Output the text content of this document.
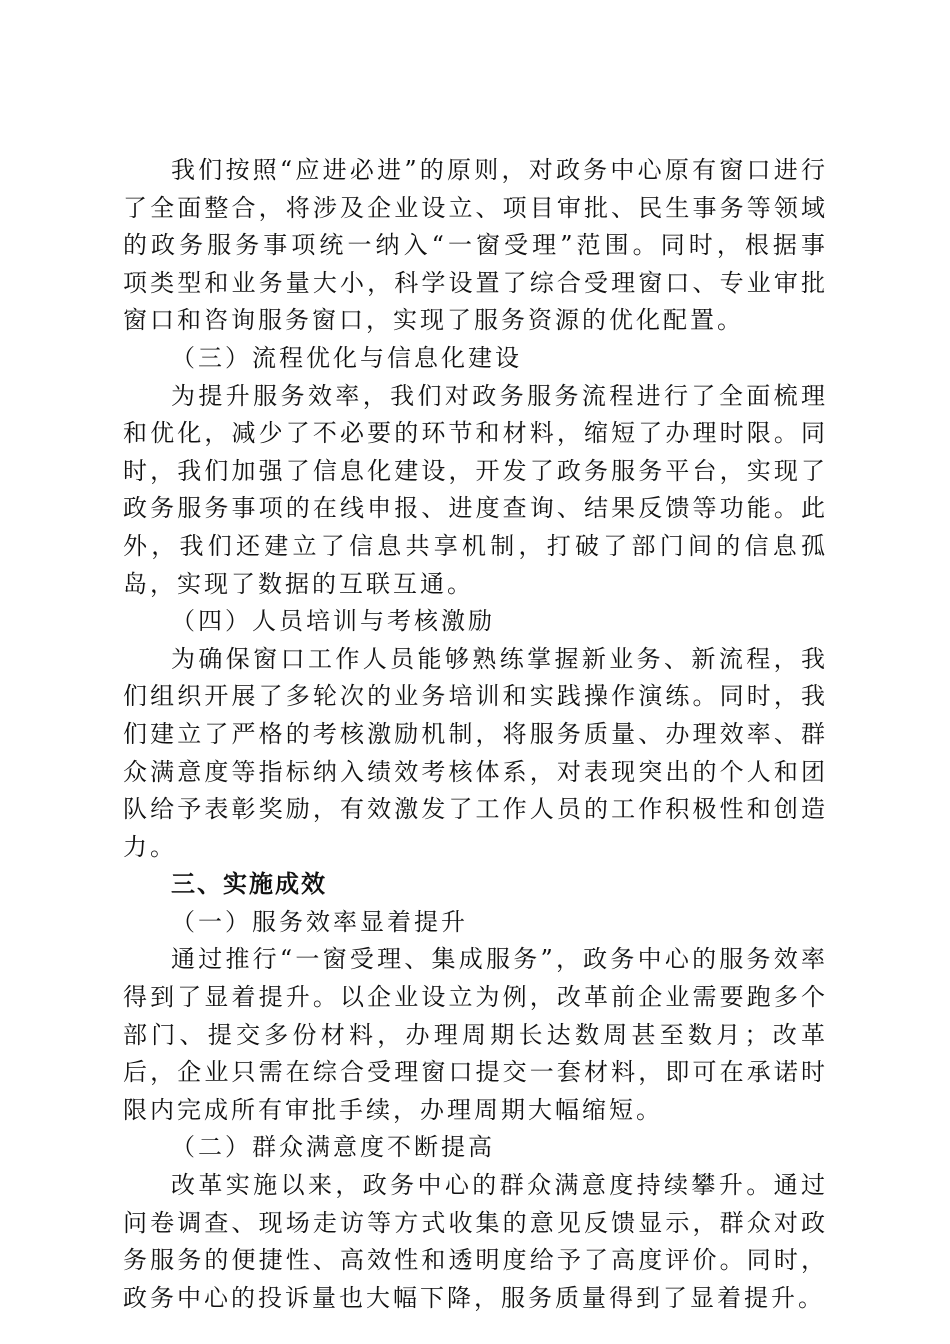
我们按照“应进必进”的原则，对政务中心原有窗口进行了全面整合，将涉及企业设立、项目审批、民生事务等领域的政务服务事项统一纳入“一窗受理”范围。同时，根据事项类型和业务量大小，科学设置了综合受理窗口、专业审批窗口和咨询服务窗口，实现了服务资源的优化配置。

（三）流程优化与信息化建设

为提升服务效率，我们对政务服务流程进行了全面梳理和优化，减少了不必要的环节和材料，缩短了办理时限。同时，我们加强了信息化建设，开发了政务服务平台，实现了政务服务事项的在线申报、进度查询、结果反馈等功能。此外，我们还建立了信息共享机制，打破了部门间的信息孤岛，实现了数据的互联互通。

（四）人员培训与考核激励

为确保窗口工作人员能够熟练掌握新业务、新流程，我们组织开展了多轮次的业务培训和实践操作演练。同时，我们建立了严格的考核激励机制，将服务质量、办理效率、群众满意度等指标纳入绩效考核体系，对表现突出的个人和团队给予表彰奖励，有效激发了工作人员的工作积极性和创造力。

三、实施成效

（一）服务效率显着提升

通过推行“一窗受理、集成服务”，政务中心的服务效率得到了显着提升。以企业设立为例，改革前企业需要跑多个部门、提交多份材料，办理周期长达数周甚至数月；改革后，企业只需在综合受理窗口提交一套材料，即可在承诺时限内完成所有审批手续，办理周期大幅缩短。

（二）群众满意度不断提高

改革实施以来，政务中心的群众满意度持续攀升。通过问卷调查、现场走访等方式收集的意见反馈显示，群众对政务服务的便捷性、高效性和透明度给予了高度评价。同时，政务中心的投诉量也大幅下降，服务质量得到了显着提升。
